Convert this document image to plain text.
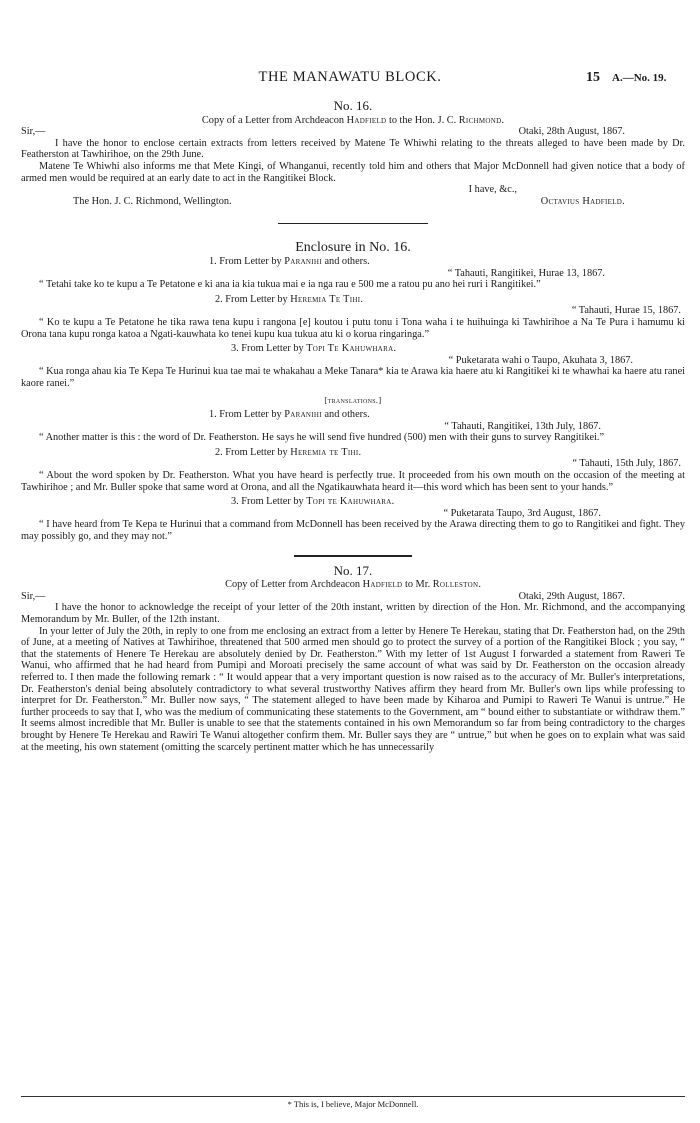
THE MANAWATU BLOCK.	15 A.—No. 19.
No. 16.
Copy of a Letter from Archdeacon Hadfield to the Hon. J. C. Richmond.
Sir,—	Otaki, 28th August, 1867.

I have the honor to enclose certain extracts from letters received by Matene Te Whiwhi relating to the threats alleged to have been made by Dr. Featherston at Tawhirihoe, on the 29th June.

Matene Te Whiwhi also informs me that Mete Kingi, of Whanganui, recently told him and others that Major McDonnell had given notice that a body of armed men would be required at an early date to act in the Rangitikei Block.

I have, &c.,
The Hon. J. C. Richmond, Wellington.	Octavius Hadfield.
Enclosure in No. 16.
1. From Letter by Paranihi and others.
“ Tahauti, Rangitikei, Hurae 13, 1867.

“ Tetahi take ko te kupu a Te Petatone e ki ana ia kia tukua mai e ia nga rau e 500 me a ratou pu ano hei ruri i Rangitikei.”

2. From Letter by Heremia Te Tihi.
“ Tahauti, Hurae 15, 1867.

“ Ko te kupu a Te Petatone he tika rawa tena kupu i rangona [e] koutou i putu tonu i Tona waha i te huihuinga ki Tawhirihoe a Na Te Pura i hamumu ki Orona tana kupu ronga katoa a Ngati-kauwhata ko tenei kupu kua tukua atu ki o korua ringaringa.”

3. From Letter by Topi Te Kahuwhara.
“ Puketarata wahi o Taupo, Akuhata 3, 1867.

“ Kua ronga ahau kia Te Kepa Te Hurinui kua tae mai te whakahau a Meke Tanara* kia te Arawa kia haere atu ki Rangitikei ki te whawhai ka haere atu ranei kaore ranei.”

[translations.]
1. From Letter by Paranihi and others.
“ Tahauti, Rangitikei, 13th July, 1867.

“ Another matter is this : the word of Dr. Featherston. He says he will send five hundred (500) men with their guns to survey Rangitikei.”

2. From Letter by Heremia te Tihi.
“ Tahauti, 15th July, 1867.

“ About the word spoken by Dr. Featherston. What you have heard is perfectly true. It proceeded from his own mouth on the occasion of the meeting at Tawhirihoe ; and Mr. Buller spoke that same word at Orona, and all the Ngatikauwhata heard it—this word which has been sent to your hands.”

3. From Letter by Topi te Kahuwhara.
“ Puketarata Taupo, 3rd August, 1867.

“ I have heard from Te Kepa te Hurinui that a command from McDonnell has been received by the Arawa directing them to go to Rangitikei and fight. They may possibly go, and they may not.”

No. 17.
Copy of Letter from Archdeacon Hadfield to Mr. Rolleston.
Sir,—	Otaki, 29th August, 1867.

I have the honor to acknowledge the receipt of your letter of the 20th instant, written by direction of the Hon. Mr. Richmond, and the accompanying Memorandum by Mr. Buller, of the 12th instant.

In your letter of July the 20th, in reply to one from me enclosing an extract from a letter by Henere Te Herekau, stating that Dr. Featherston had, on the 29th of June, at a meeting of Natives at Tawhirihoe, threatened that 500 armed men should go to protect the survey of a portion of the Rangitikei Block ; you say, “ that the statements of Henere Te Herekau are absolutely denied by Dr. Featherston.” With my letter of 1st August I forwarded a statement from Raweri Te Wanui, who affirmed that he had heard from Pumipi and Moroati precisely the same account of what was said by Dr. Featherston on the occasion already referred to. I then made the following remark : “ It would appear that a very important question is now raised as to the accuracy of Mr. Buller's interpretations, Dr. Featherston's denial being absolutely contradictory to what several trustworthy Natives affirm they heard from Mr. Buller's own lips while professing to interpret for Dr. Featherston.” Mr. Buller now says, “ The statement alleged to have been made by Kiharoa and Pumipi to Raweri Te Wanui is untrue.” He further proceeds to say that I, who was the medium of communicating these statements to the Government, am “ bound either to substantiate or withdraw them.” It seems almost incredible that Mr. Buller is unable to see that the statements contained in his own Memorandum so far from being contradictory to the charges brought by Henere Te Herekau and Rawiri Te Wanui altogether confirm them. Mr. Buller says they are “ untrue,” but when he goes on to explain what was said at the meeting, his own statement (omitting the scarcely pertinent matter which he has unnecessarily

* This is, I believe, Major McDonnell.
